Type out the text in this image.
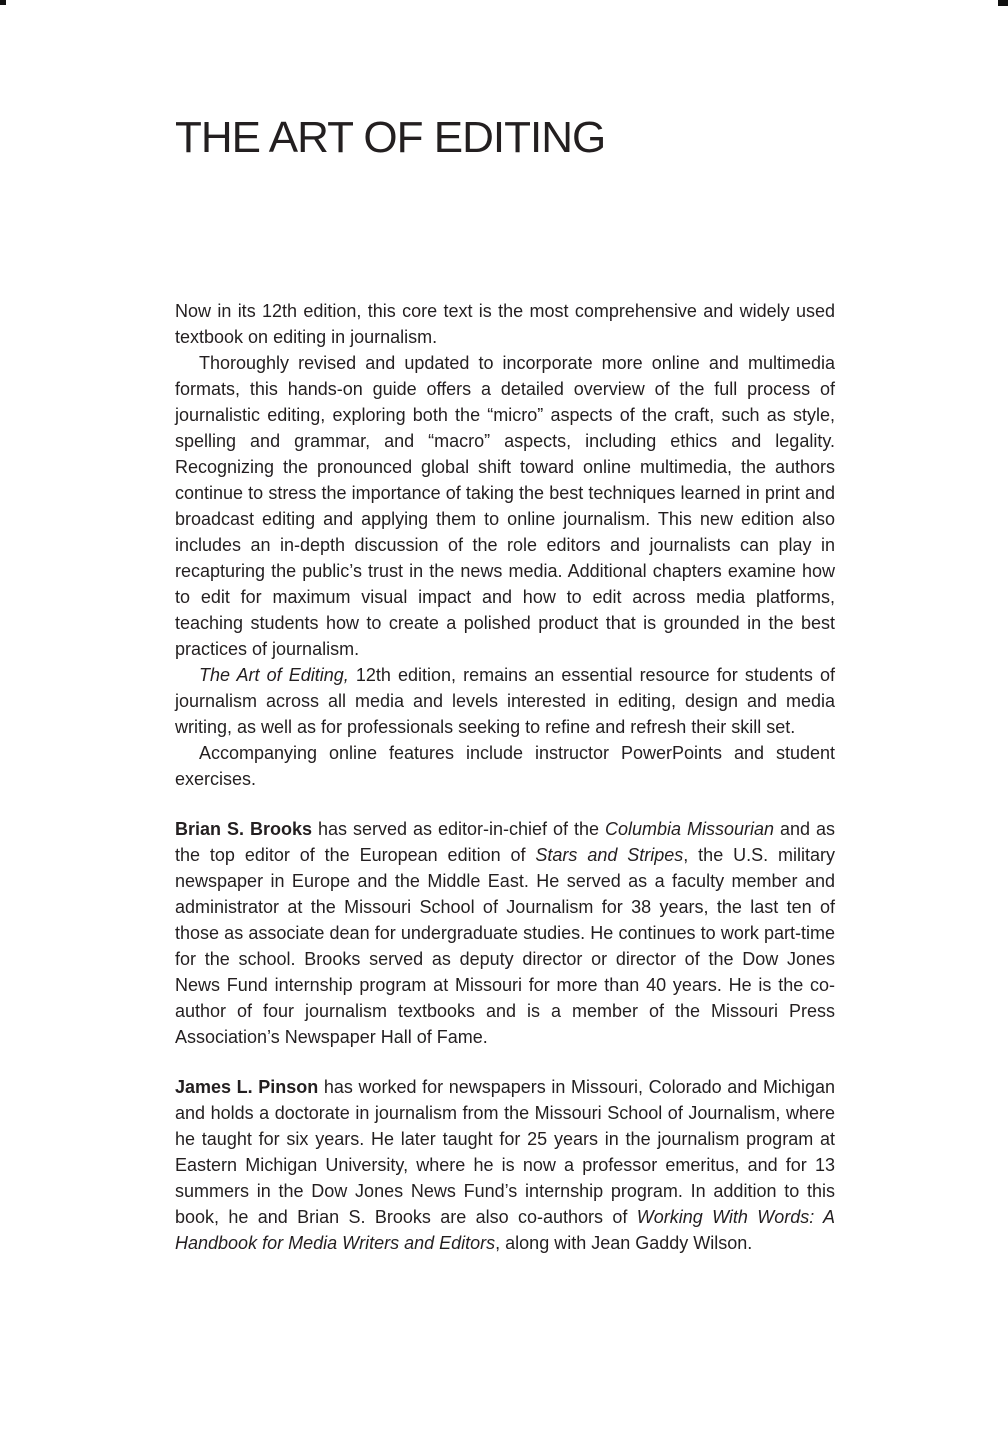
THE ART OF EDITING

Now in its 12th edition, this core text is the most comprehensive and widely used textbook on editing in journalism.

Thoroughly revised and updated to incorporate more online and multimedia formats, this hands-on guide offers a detailed overview of the full process of journalistic editing, exploring both the “micro” aspects of the craft, such as style, spelling and grammar, and “macro” aspects, including ethics and legality. Recognizing the pronounced global shift toward online multimedia, the authors continue to stress the importance of taking the best techniques learned in print and broadcast editing and applying them to online journalism. This new edition also includes an in-depth discussion of the role editors and journalists can play in recapturing the public’s trust in the news media. Additional chapters examine how to edit for maximum visual impact and how to edit across media platforms, teaching students how to create a polished product that is grounded in the best practices of journalism.

The Art of Editing, 12th edition, remains an essential resource for students of journalism across all media and levels interested in editing, design and media writing, as well as for professionals seeking to refine and refresh their skill set.

Accompanying online features include instructor PowerPoints and student exercises.

Brian S. Brooks has served as editor-in-chief of the Columbia Missourian and as the top editor of the European edition of Stars and Stripes, the U.S. military newspaper in Europe and the Middle East. He served as a faculty member and administrator at the Missouri School of Journalism for 38 years, the last ten of those as associate dean for undergraduate studies. He continues to work part-time for the school. Brooks served as deputy director or director of the Dow Jones News Fund internship program at Missouri for more than 40 years. He is the co-author of four journalism textbooks and is a member of the Missouri Press Association’s Newspaper Hall of Fame.

James L. Pinson has worked for newspapers in Missouri, Colorado and Michigan and holds a doctorate in journalism from the Missouri School of Journalism, where he taught for six years. He later taught for 25 years in the journalism program at Eastern Michigan University, where he is now a professor emeritus, and for 13 summers in the Dow Jones News Fund’s internship program. In addition to this book, he and Brian S. Brooks are also co-authors of Working With Words: A Handbook for Media Writers and Editors, along with Jean Gaddy Wilson.
